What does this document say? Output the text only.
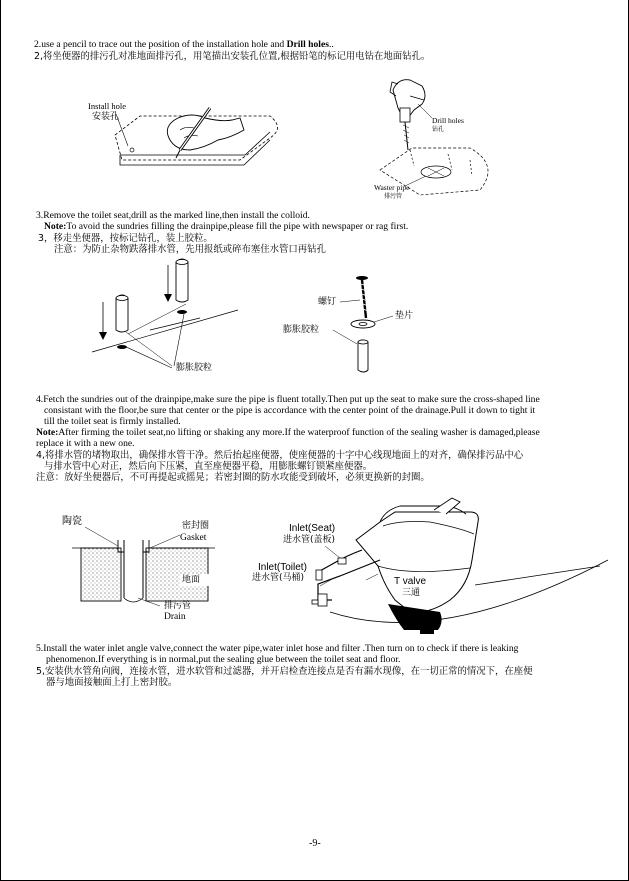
2.use a pencil to trace out the position of the installation hole and Drill holes..
2,将坐便器的排污孔对准地面排污孔，用笔描出安装孔位置,根据铅笔的标记用电钻在地面钻孔。
Install hole
安装孔	Drill holes
钻孔
Waster pipe
排污管
3.Remove the toilet seat,drill as the marked line,then install the colloid.
Note:To avoid the sundries filling the drainpipe,please fill the pipe with newspaper or rag first.
3，移走坐便器，按标记钻孔，装上胶粒。
注意：为防止杂物跌落排水管，先用报纸或碎布塞住水管口再钻孔
螺钉
垫片
膨胀胶粒
膨胀胶粒
4.Fetch the sundries out of the drainpipe,make sure the pipe is fluent totally.Then put up the seat to make sure the cross-shaped line
consistant with the floor,be sure that center or the pipe is accordance with the center point of the drainage.Pull it down to tight it
till the toilet seat is firmly installed.
Note:After firming the toilet seat,no lifting or shaking any more.If the waterproof function of the sealing washer is damaged,please
replace it with a new one.
4,将排水管的堵物取出，确保排水管干净。然后抬起座便器，使座便器的十字中心线现地面上的对齐，确保排污品中心
与排水管中心对正，然后向下压紧，直至座便器平稳，用膨胀螺钉锁紧座便器。
注意：放好坐便器后，不可再提起或摇晃；若密封圈的防水攻能受到破坏，必须更换新的封圈。
陶瓷	密封圈
Gasket
地面
排污管
Drain
Inlet(Seat)
进水管(盖板)
Inlet(Toilet)
进水管(马桶)	T valve
三通
5.Install the water inlet angle valve,connect the water pipe,water inlet hose and filter .Then turn on to check if there is leaking
phenomenon.If everything is in normal,put the sealing glue between the toilet seat and floor.
5,安装供水管角向阀，连接水管，进水软管和过滤器，并开启检查连接点是否有漏水现像，在一切正常的情况下，在座便
器与地面接触面上打上密封胶。
-9-
